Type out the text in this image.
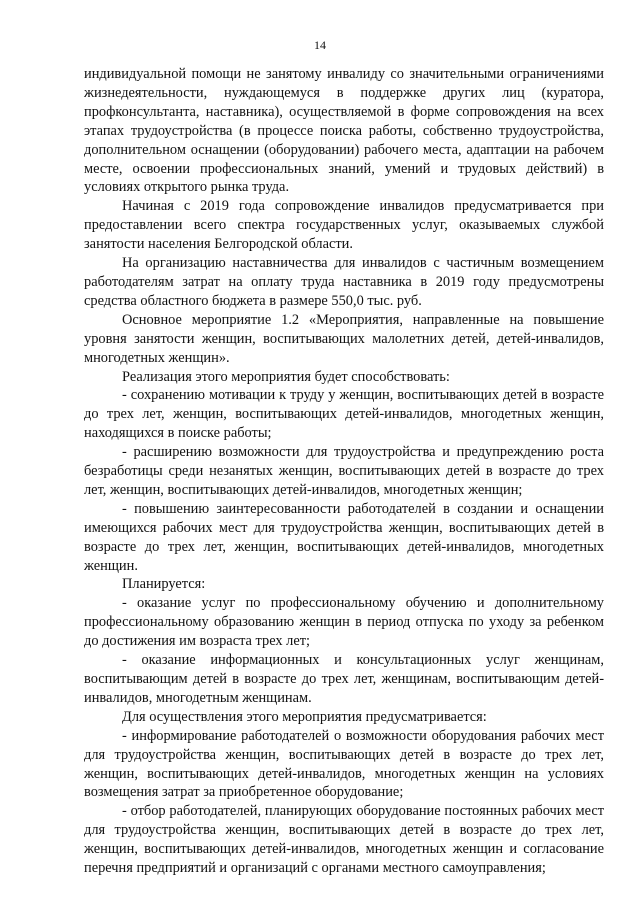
14

индивидуальной помощи не занятому инвалиду со значительными ограничениями жизнедеятельности, нуждающемуся в поддержке других лиц (куратора, профконсультанта, наставника), осуществляемой в форме сопровождения на всех этапах трудоустройства (в процессе поиска работы, собственно трудоустройства, дополнительном оснащении (оборудовании) рабочего места, адаптации на рабочем месте, освоении профессиональных знаний, умений и трудовых действий) в условиях открытого рынка труда.

Начиная с 2019 года сопровождение инвалидов предусматривается при предоставлении всего спектра государственных услуг, оказываемых службой занятости населения Белгородской области.

На организацию наставничества для инвалидов с частичным возмещением работодателям затрат на оплату труда наставника в 2019 году предусмотрены средства областного бюджета в размере 550,0 тыс. руб.

Основное мероприятие 1.2 «Мероприятия, направленные на повышение уровня занятости женщин, воспитывающих малолетних детей, детей-инвалидов, многодетных женщин».

Реализация этого мероприятия будет способствовать:

- сохранению мотивации к труду у женщин, воспитывающих детей в возрасте до трех лет, женщин, воспитывающих детей-инвалидов, многодетных женщин, находящихся в поиске работы;

- расширению возможности для трудоустройства и предупреждению роста безработицы среди незанятых женщин, воспитывающих детей в возрасте до трех лет, женщин, воспитывающих детей-инвалидов, многодетных женщин;

- повышению заинтересованности работодателей в создании и оснащении имеющихся рабочих мест для трудоустройства женщин, воспитывающих детей в возрасте до трех лет, женщин, воспитывающих детей-инвалидов, многодетных женщин.

Планируется:

- оказание услуг по профессиональному обучению и дополнительному профессиональному образованию женщин в период отпуска по уходу за ребенком до достижения им возраста трех лет;

- оказание информационных и консультационных услуг женщинам, воспитывающим детей в возрасте до трех лет, женщинам, воспитывающим детей-инвалидов, многодетным женщинам.

Для осуществления этого мероприятия предусматривается:

- информирование работодателей о возможности оборудования рабочих мест для трудоустройства женщин, воспитывающих детей в возрасте до трех лет, женщин, воспитывающих детей-инвалидов, многодетных женщин на условиях возмещения затрат за приобретенное оборудование;

- отбор работодателей, планирующих оборудование постоянных рабочих мест для трудоустройства женщин, воспитывающих детей в возрасте до трех лет, женщин, воспитывающих детей-инвалидов, многодетных женщин и согласование перечня предприятий и организаций с органами местного самоуправления;
